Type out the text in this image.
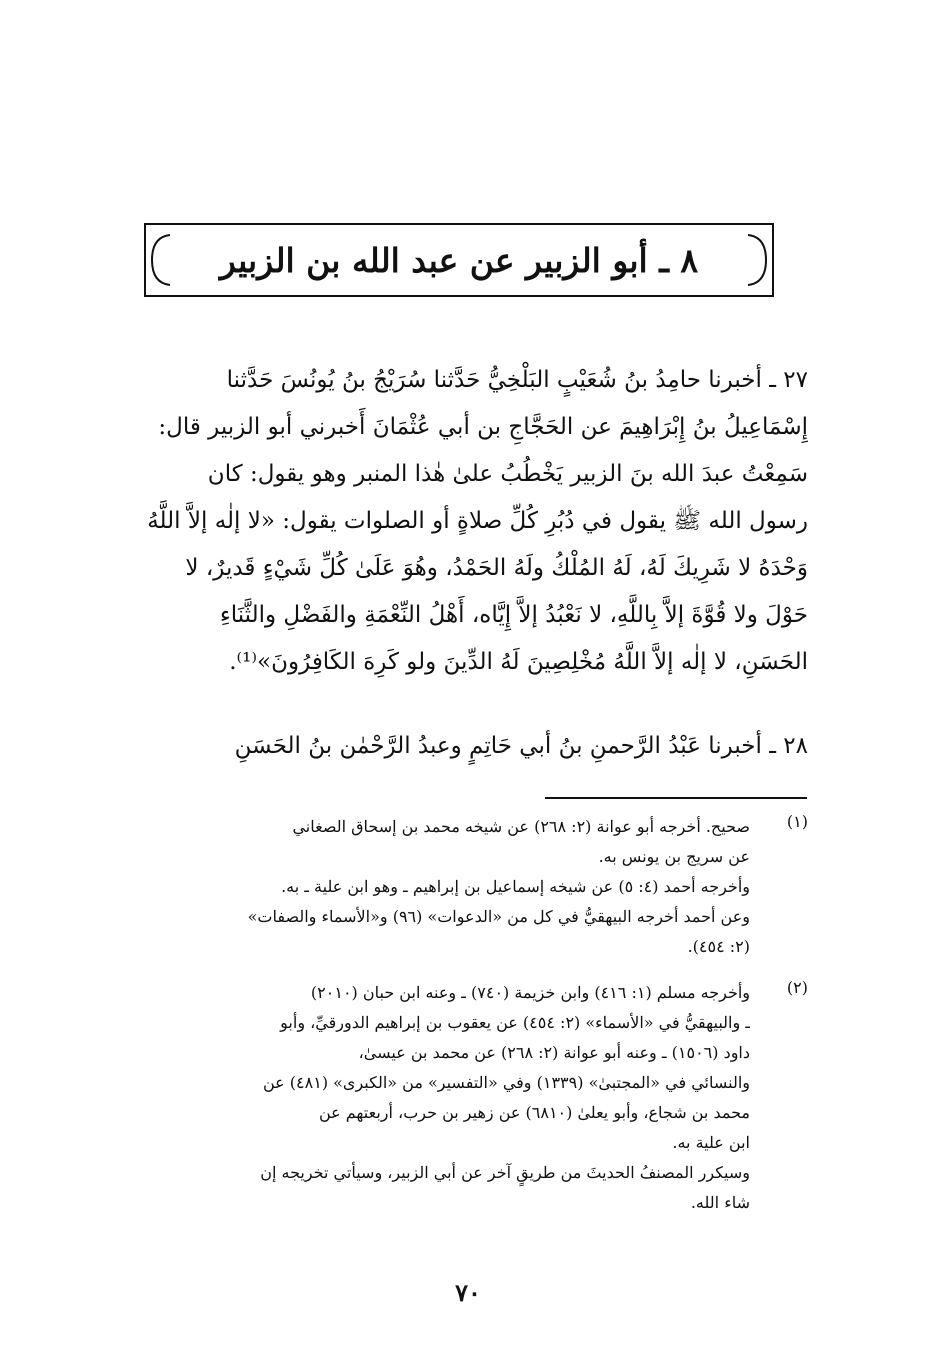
٨ ـ أبو الزبير عن عبد الله بن الزبير
٢٧ ـ أخبرنا حامِدُ بنُ شُعَيْبٍ البَلْخِيُّ حَدَّثنا سُرَيْجُ بنُ يُونُسَ حَدَّثنا
إِسْمَاعِيلُ بنُ إِبْرَاهِيمَ عن الحَجَّاجِ بن أبي عُثْمَانَ أَخبرني أبو الزبير قال:
سَمِعْتُ عبدَ الله بنَ الزبير يَخْطُبُ علىٰ هٰذا المنبر وهو يقول: كان
رسول الله ﷺ يقول في دُبُرِ كُلِّ صلاةٍ أو الصلوات يقول: «لا إلٰه إلاَّ اللَّهُ
وَحْدَهُ لا شَرِيكَ لَهُ، لَهُ المُلْكُ ولَهُ الحَمْدُ، وهُوَ عَلَىٰ كُلِّ شَيْءٍ قَديرٌ، لا
حَوْلَ ولا قُوَّةَ إلاَّ بِاللَّهِ، لا نَعْبُدُ إلاَّ إِيَّاه، أَهْلُ النِّعْمَةِ والفَضْلِ والثَّنَاءِ
الحَسَنِ، لا إلٰه إلاَّ اللَّهُ مُخْلِصِينَ لَهُ الدِّينَ ولو كَرِهَ الكَافِرُونَ»⁽¹⁾.
٢٨ ـ أخبرنا عَبْدُ الرَّحمنِ بنُ أبي حَاتِمٍ وعبدُ الرَّحْمٰن بنُ الحَسَنِ
(١)
صحيح. أخرجه أبو عوانة (٢: ٢٦٨) عن شيخه محمد بن إسحاق الصغاني
عن سريج بن يونس به.
وأخرجه أحمد (٤: ٥) عن شيخه إسماعيل بن إبراهيم ـ وهو ابن علية ـ به.
وعن أحمد أخرجه البيهقيُّ في كل من «الدعوات» (٩٦) و«الأسماء والصفات»
(٢: ٤٥٤).
(٢)
وأخرجه مسلم (١: ٤١٦) وابن خزيمة (٧٤٠) ـ وعنه ابن حبان (٢٠١٠)
ـ والبيهقيُّ في «الأسماء» (٢: ٤٥٤) عن يعقوب بن إبراهيم الدورقيِّ، وأبو
داود (١٥٠٦) ـ وعنه أبو عوانة (٢: ٢٦٨) عن محمد بن عيسىٰ،
والنسائي في «المجتبىٰ» (١٣٣٩) وفي «التفسير» من «الكبرى» (٤٨١) عن
محمد بن شجاع، وأبو يعلىٰ (٦٨١٠) عن زهير بن حرب، أربعتهم عن
ابن علية به.
وسيكرر المصنفُ الحديثَ من طريقٍ آخر عن أبي الزبير، وسيأتي تخريجه إن
شاء الله.
٧٠
